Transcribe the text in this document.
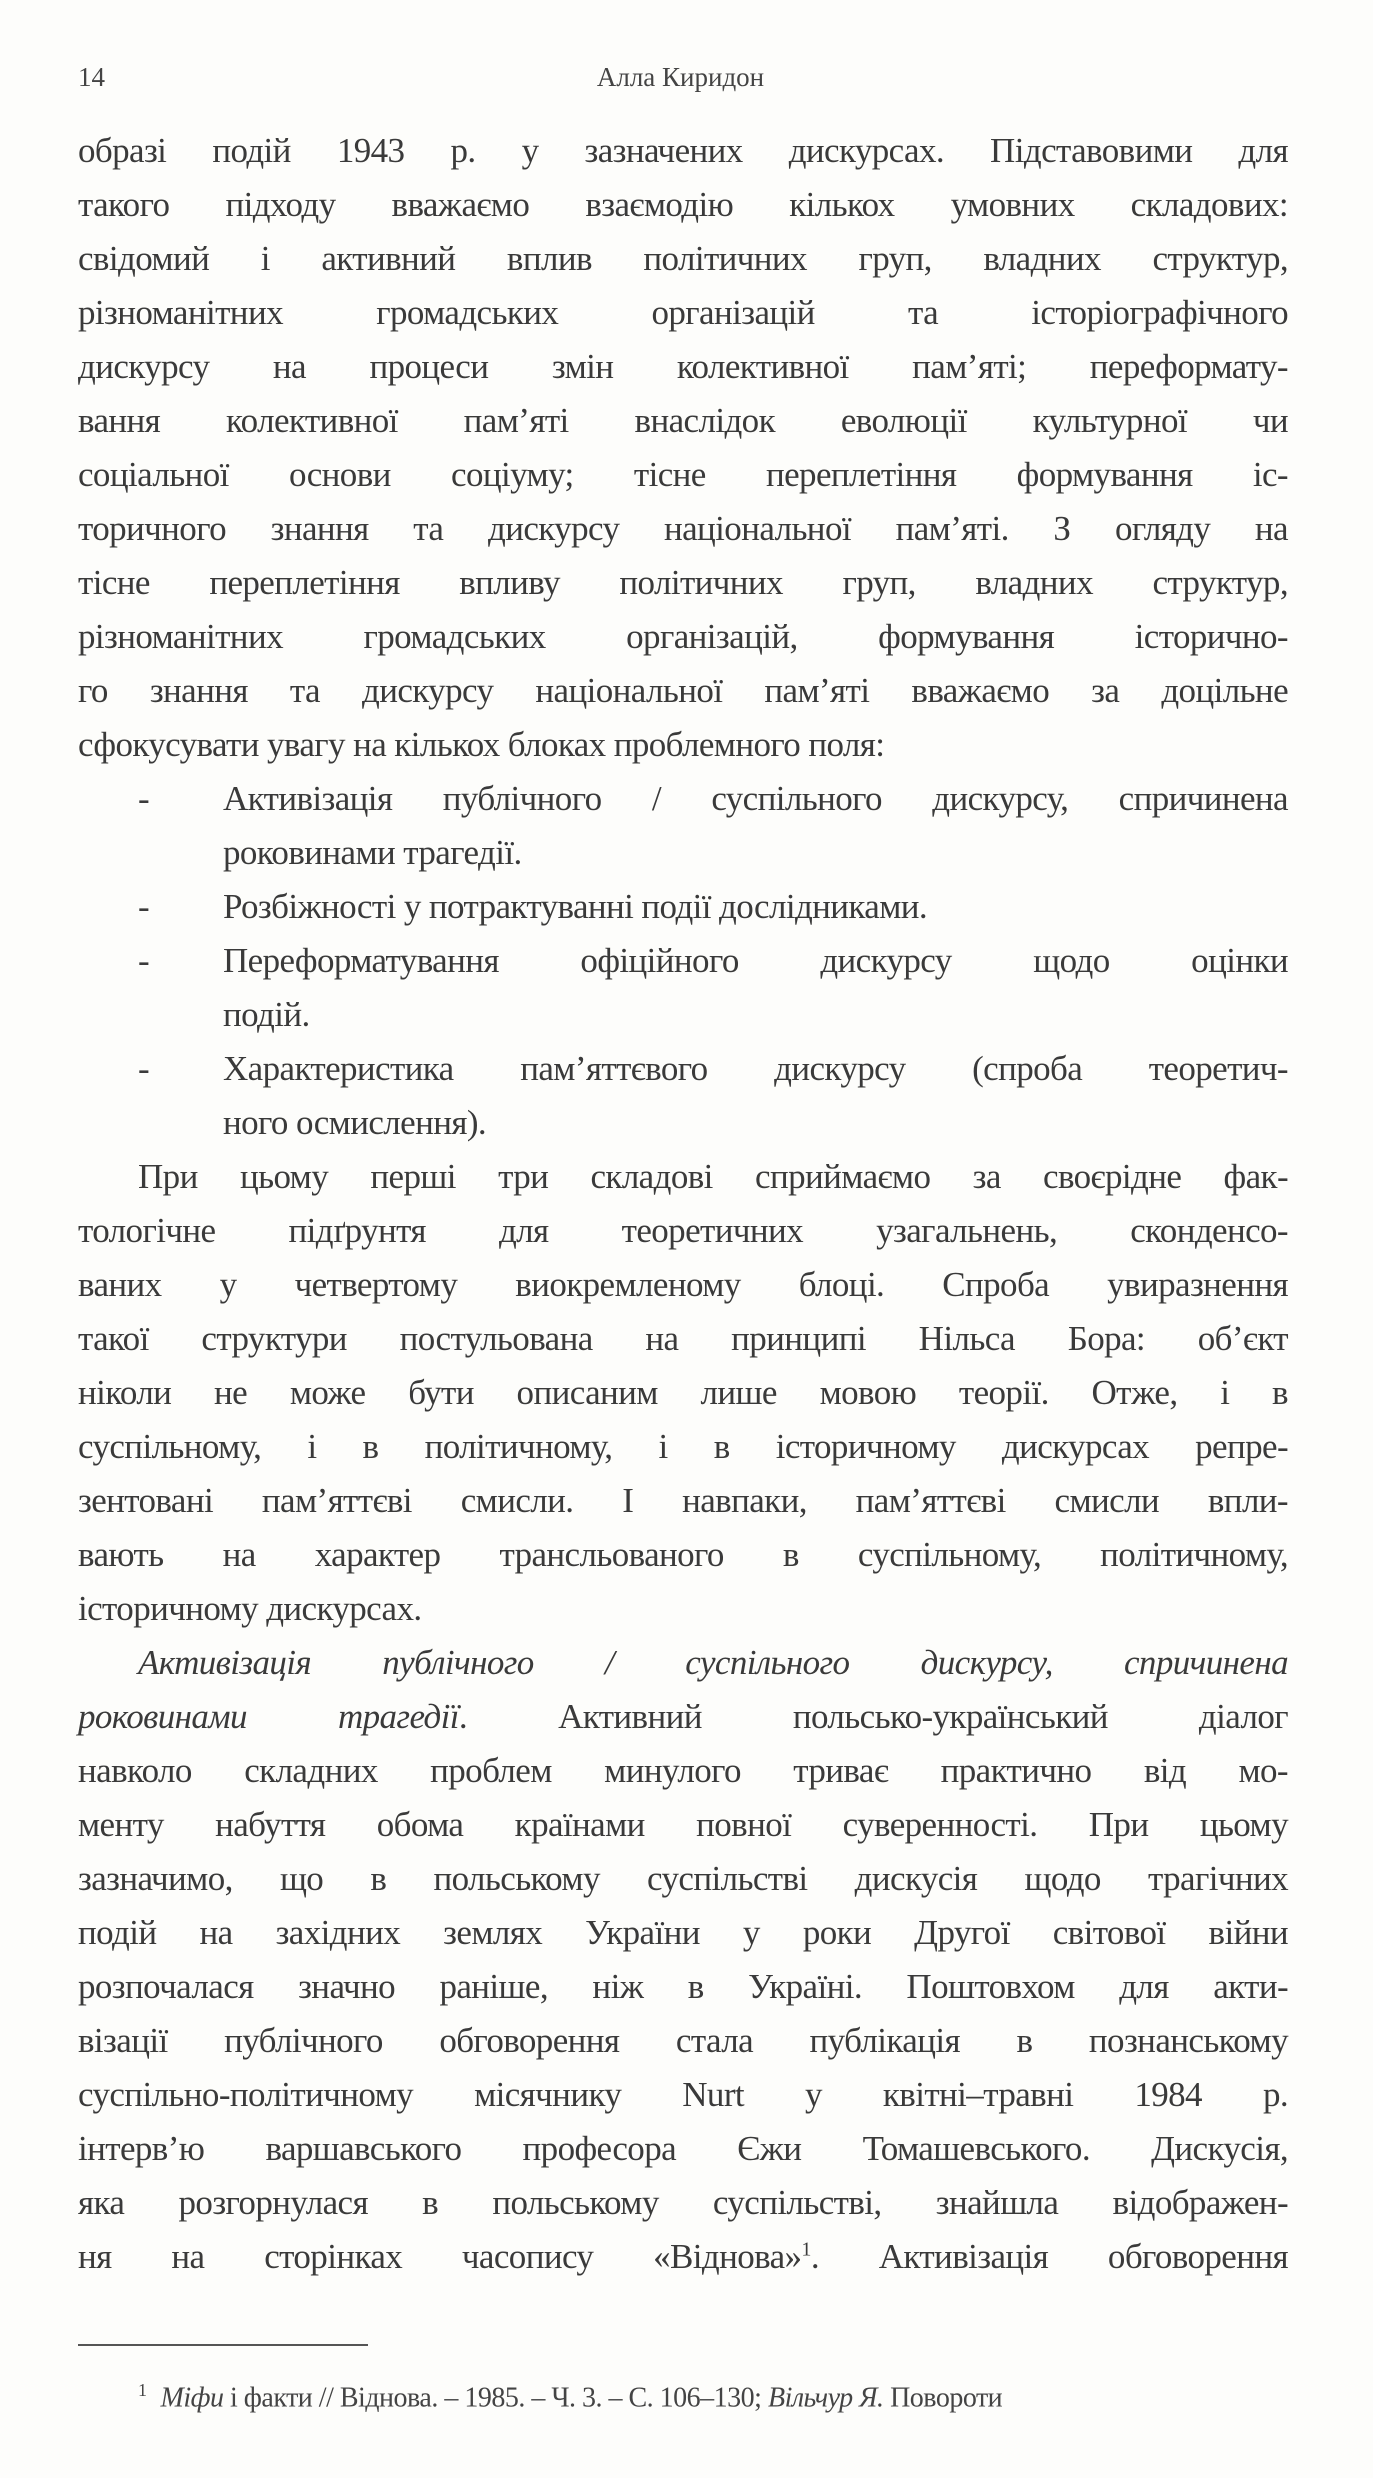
14	Алла Киридон
образі подій 1943 р. у зазначених дискурсах. Підставовими для
такого підходу вважаємо взаємодію кількох умовних складових:
свідомий і активний вплив політичних груп, владних структур,
різноманітних громадських організацій та історіографічного
дискурсу на процеси змін колективної пам’яті; переформату-
вання колективної пам’яті внаслідок еволюції культурної чи
соціальної основи соціуму; тісне переплетіння формування іс-
торичного знання та дискурсу національної пам’яті. З огляду на
тісне переплетіння впливу політичних груп, владних структур,
різноманітних громадських організацій, формування історично-
го знання та дискурсу національної пам’яті вважаємо за доцільне
сфокусувати увагу на кількох блоках проблемного поля:
-	Активізація публічного / суспільного дискурсу, спричинена
роковинами трагедії.
-	Розбіжності у потрактуванні події дослідниками.
-	Переформатування офіційного дискурсу щодо оцінки
подій.
-	Характеристика пам’яттєвого дискурсу (спроба теоретич-
ного осмислення).
При цьому перші три складові сприймаємо за своєрідне фак-
тологічне підґрунтя для теоретичних узагальнень, сконденсо-
ваних у четвертому виокремленому блоці. Спроба увиразнення
такої структури постульована на принципі Нільса Бора: об’єкт
ніколи не може бути описаним лише мовою теорії. Отже, і в
суспільному, і в політичному, і в історичному дискурсах репре-
зентовані пам’яттєві смисли. І навпаки, пам’яттєві смисли впли-
вають на характер трансльованого в суспільному, політичному,
історичному дискурсах.
Активізація публічного / суспільного дискурсу, спричинена
роковинами трагедії. Активний польсько-український діалог
навколо складних проблем минулого триває практично від мо-
менту набуття обома країнами повної суверенності. При цьому
зазначимо, що в польському суспільстві дискусія щодо трагічних
подій на західних землях України у роки Другої світової війни
розпочалася значно раніше, ніж в Україні. Поштовхом для акти-
візації публічного обговорення стала публікація в познанському
суспільно-політичному місячнику Nurt у квітні–травні 1984 р.
інтерв’ю варшавського професора Єжи Томашевського. Дискусія,
яка розгорнулася в польському суспільстві, знайшла відображен-
ня на сторінках часопису «Віднова»$^1$. Активізація обговорення
$^1$ Міфи і факти // Віднова. – 1985. – Ч. 3. – С. 106–130; Вільчур Я. Повороти
